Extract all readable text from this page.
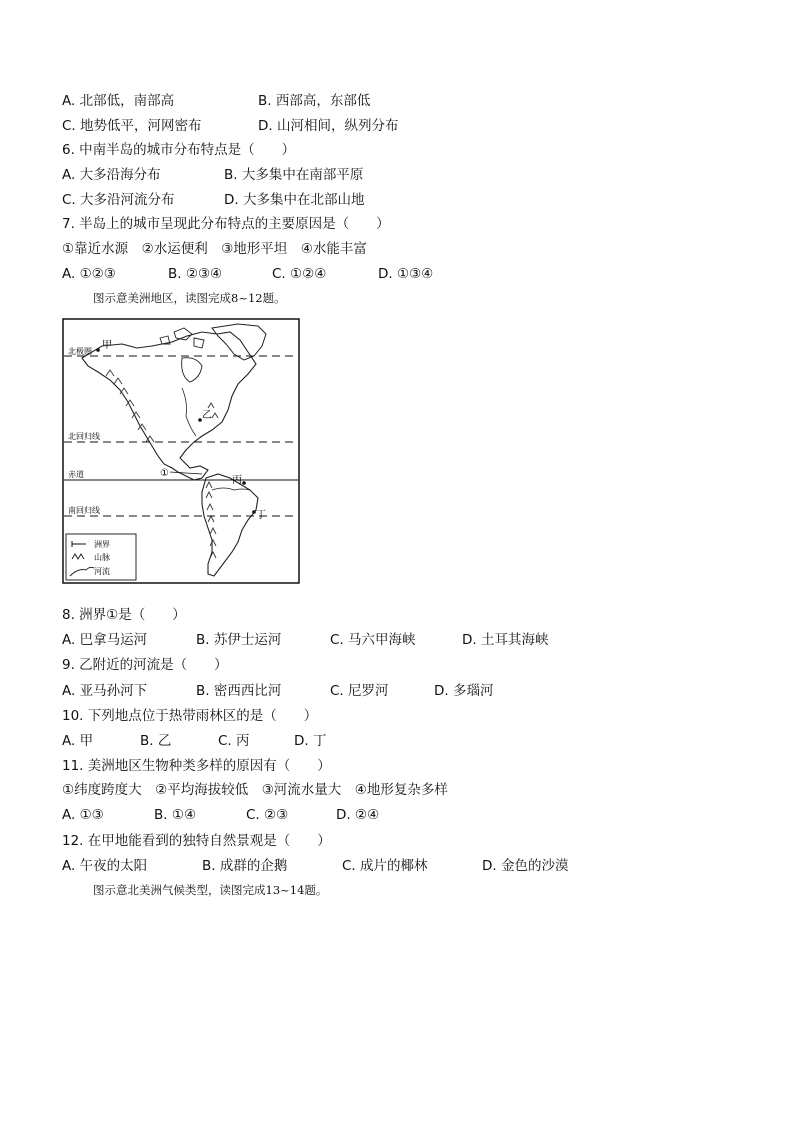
A. 北部低，南部高	B. 西部高，东部低
C. 地势低平，河网密布	D. 山河相间，纵列分布
6. 中南半岛的城市分布特点是（　　）
A. 大多沿海分布	B. 大多集中在南部平原
C. 大多沿河流分布	D. 大多集中在北部山地
7. 半岛上的城市呈现此分布特点的主要原因是（　　）
①靠近水源　②水运便利　③地形平坦　④水能丰富
A. ①②③	B. ②③④	C. ①②④	D. ①③④
图示意美洲地区，读图完成8~12题。
北极圈
北回归线
赤道
南回归线
甲
乙
丙
丁
①
洲界
山脉
河流
8. 洲界①是（　　）
A. 巴拿马运河	B. 苏伊士运河	C. 马六甲海峡	D. 土耳其海峡
9. 乙附近的河流是（　　）
A. 亚马孙河下	B. 密西西比河	C. 尼罗河	D. 多瑙河
10. 下列地点位于热带雨林区的是（　　）
A. 甲	B. 乙	C. 丙	D. 丁
11. 美洲地区生物种类多样的原因有（　　）
①纬度跨度大　②平均海拔较低　③河流水量大　④地形复杂多样
A. ①③	B. ①④	C. ②③	D. ②④
12. 在甲地能看到的独特自然景观是（　　）
A. 午夜的太阳	B. 成群的企鹅	C. 成片的椰林	D. 金色的沙漠
图示意北美洲气候类型，读图完成13~14题。
